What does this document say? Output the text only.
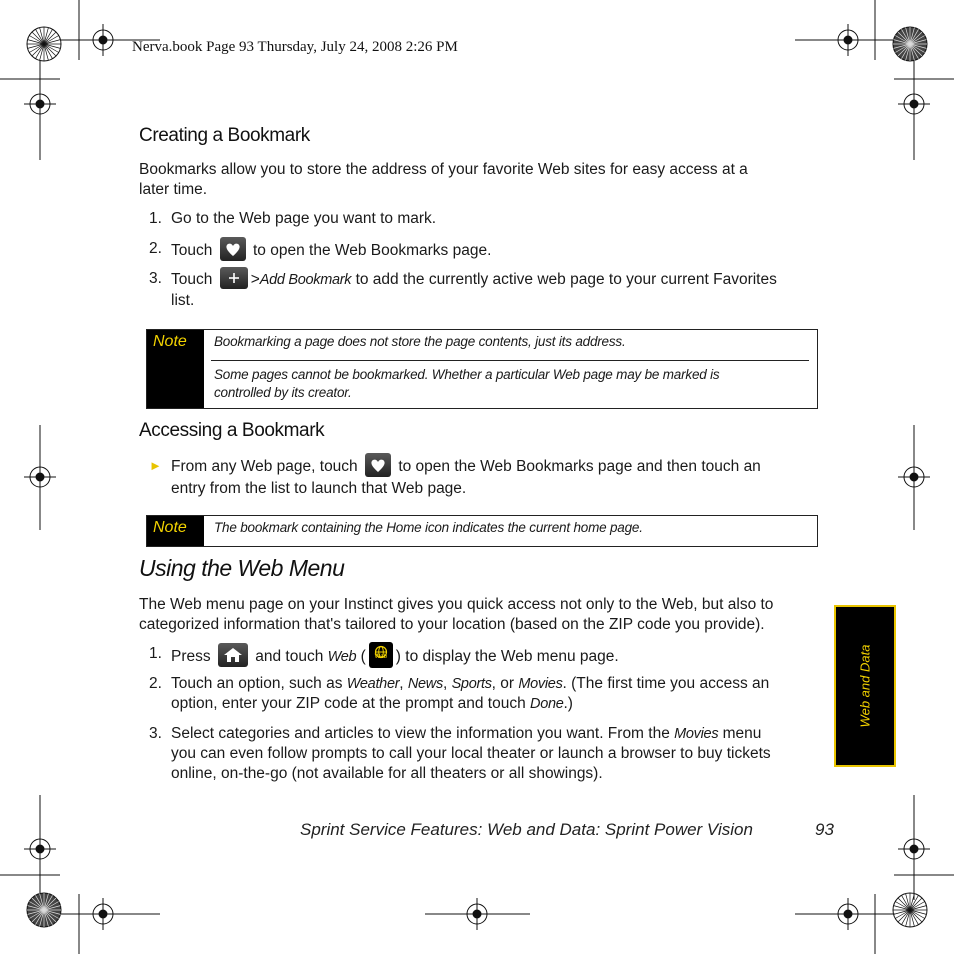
Nerva.book Page 93 Thursday, July 24, 2008 2:26 PM
Creating a Bookmark
Bookmarks allow you to store the address of your favorite Web sites for easy access at a
later time.
1. Go to the Web page you want to mark.
2. Touch	to open the Web Bookmarks page.
3. Touch >Add Bookmark to add the currently active web page to your current Favorites
list.
Note	Bookmarking a page does not store the page contents, just its address.
Some pages cannot be bookmarked. Whether a particular Web page may be marked is
controlled by its creator.
Accessing a Bookmark
► From any Web page, touch	to open the Web Bookmarks page and then touch an
entry from the list to launch that Web page.
Note	The bookmark containing the Home icon indicates the current home page.
Using the Web Menu
The Web menu page on your Instinct gives you quick access not only to the Web, but also to
categorized information that's tailored to your location (based on the ZIP code you provide).
1. Press	and touch Web (	Web ) to display the Web menu page.
2. Touch an option, such as Weather, News, Sports, or Movies. (The first time you access an
option, enter your ZIP code at the prompt and touch Done.)
3. Select categories and articles to view the information you want. From the Movies menu
you can even follow prompts to call your local theater or launch a browser to buy tickets
online, on-the-go (not available for all theaters or all showings).
Web and Data
Sprint Service Features: Web and Data: Sprint Power Vision	93
